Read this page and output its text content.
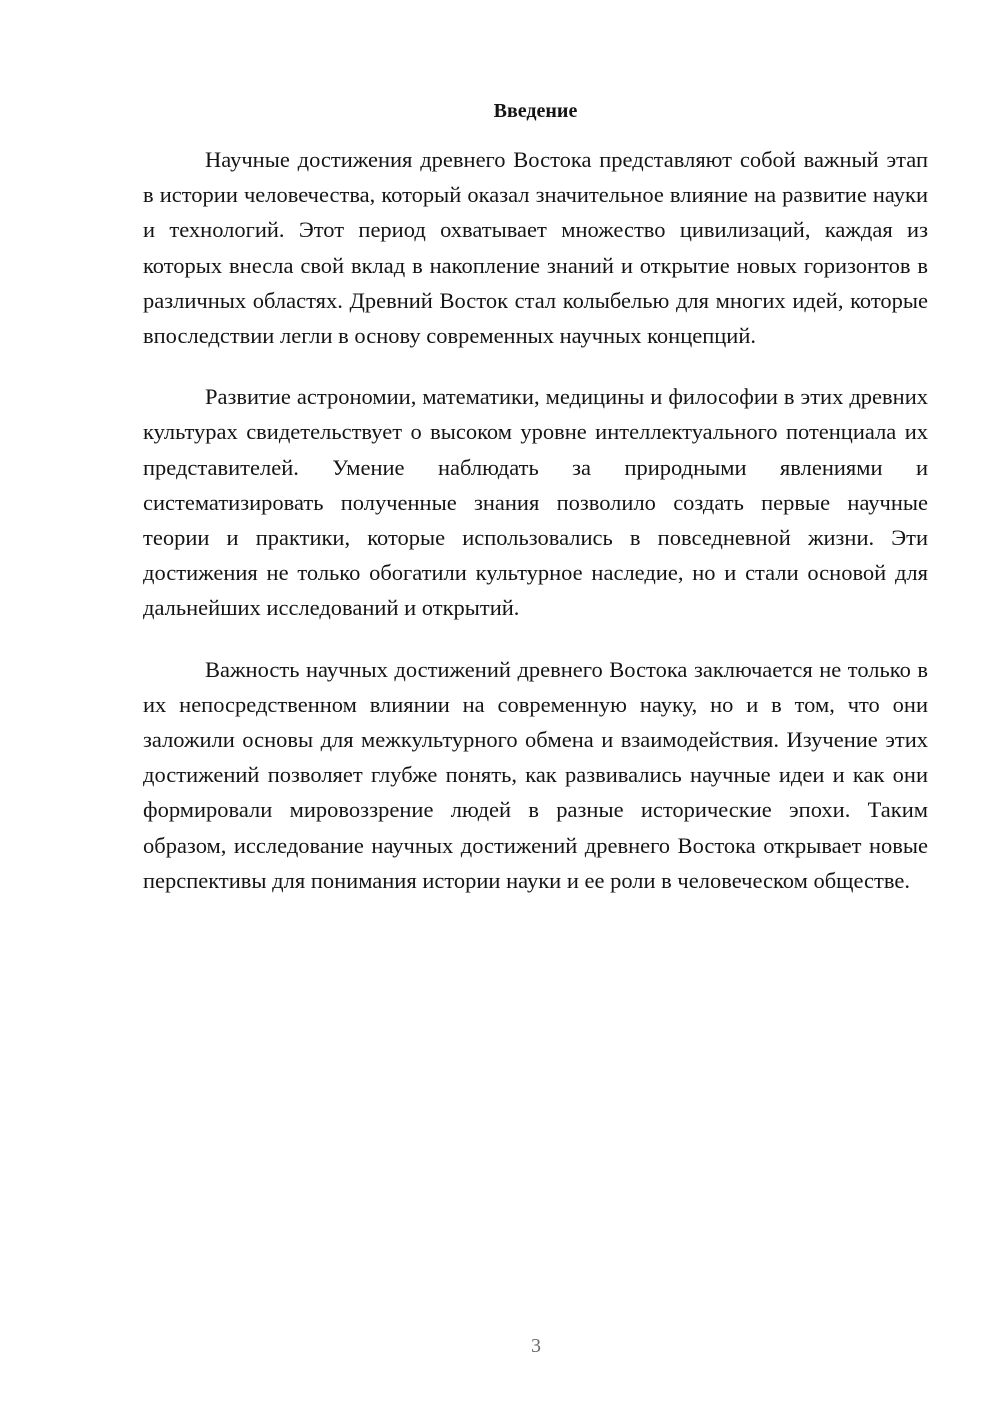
Введение

Научные достижения древнего Востока представляют собой важный этап в истории человечества, который оказал значительное влияние на развитие науки и технологий. Этот период охватывает множество цивилизаций, каждая из которых внесла свой вклад в накопление знаний и открытие новых горизонтов в различных областях. Древний Восток стал колыбелью для многих идей, которые впоследствии легли в основу современных научных концепций.

Развитие астрономии, математики, медицины и философии в этих древних культурах свидетельствует о высоком уровне интеллектуального потенциала их представителей. Умение наблюдать за природными явлениями и систематизировать полученные знания позволило создать первые научные теории и практики, которые использовались в повседневной жизни. Эти достижения не только обогатили культурное наследие, но и стали основой для дальнейших исследований и открытий.

Важность научных достижений древнего Востока заключается не только в их непосредственном влиянии на современную науку, но и в том, что они заложили основы для межкультурного обмена и взаимодействия. Изучение этих достижений позволяет глубже понять, как развивались научные идеи и как они формировали мировоззрение людей в разные исторические эпохи. Таким образом, исследование научных достижений древнего Востока открывает новые перспективы для понимания истории науки и ее роли в человеческом обществе.

3
